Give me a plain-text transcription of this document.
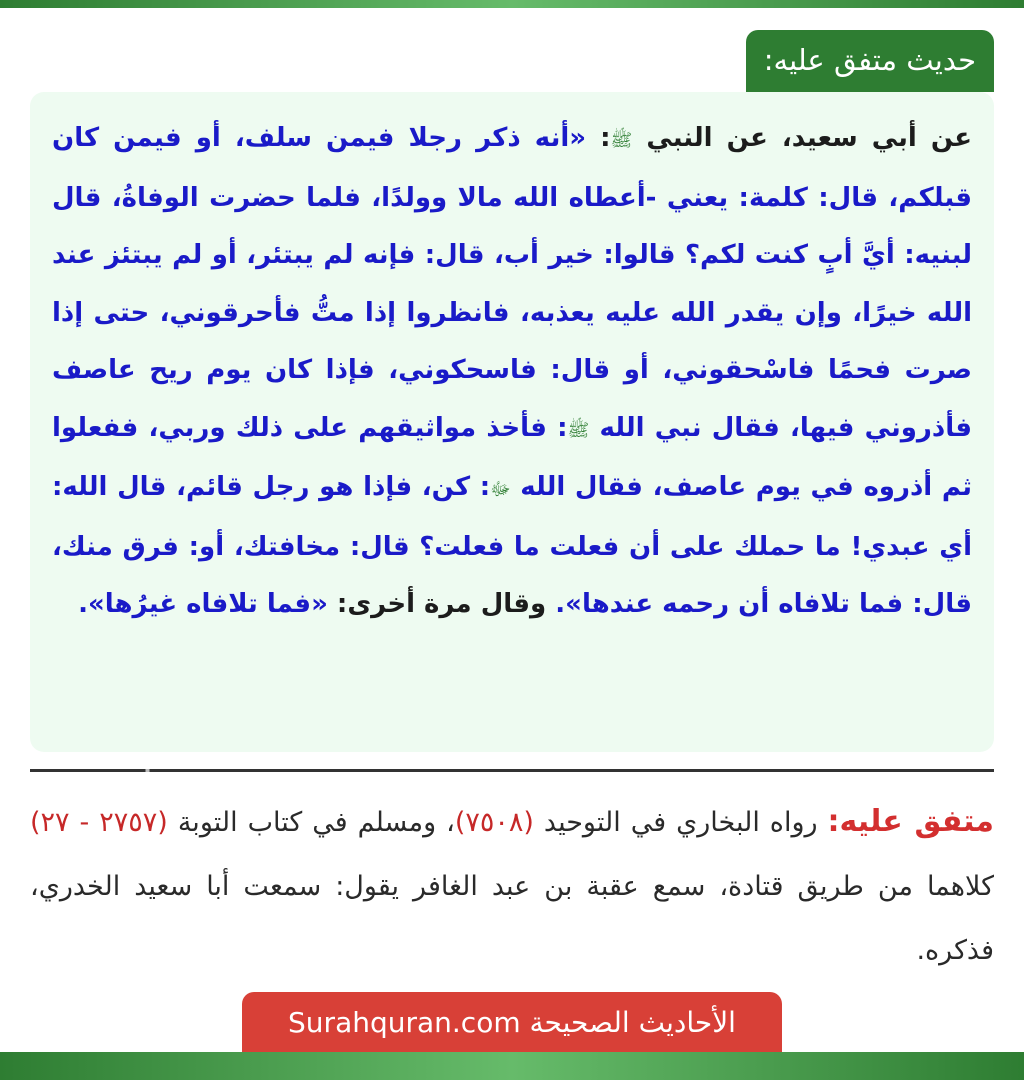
حديث متفق عليه:

عن أبي سعيد، عن النبي ﷺ: «أنه ذكر رجلا فيمن سلف، أو فيمن كان قبلكم، قال: كلمة: يعني -أعطاه الله مالا وولدًا، فلما حضرت الوفاةُ، قال لبنيه: أيَّ أبٍ كنت لكم؟ قالوا: خير أب، قال: فإنه لم يبتئر، أو لم يبتئز عند الله خيرًا، وإن يقدر الله عليه يعذبه، فانظروا إذا متُّ فأحرقوني، حتى إذا صرت فحمًا فاسْحقوني، أو قال: فاسحكوني، فإذا كان يوم ريح عاصف فأذروني فيها، فقال نبي الله ﷺ: فأخذ مواثيقهم على ذلك وربي، ففعلوا ثم أذروه في يوم عاصف، فقال الله ﷻ: كن، فإذا هو رجل قائم، قال الله: أي عبدي! ما حملك على أن فعلت ما فعلت؟ قال: مخافتك، أو: فرق منك، قال: فما تلافاه أن رحمه عندها». وقال مرة أخرى: «فما تلافاه غيرُها».

متفق عليه: رواه البخاري في التوحيد (٧٥٠٨)، ومسلم في كتاب التوبة (٢٧٥٧ - ٢٧) كلاهما من طريق قتادة، سمع عقبة بن عبد الغافر يقول: سمعت أبا سعيد الخدري، فذكره.

الأحاديث الصحيحة Surahquran.com
